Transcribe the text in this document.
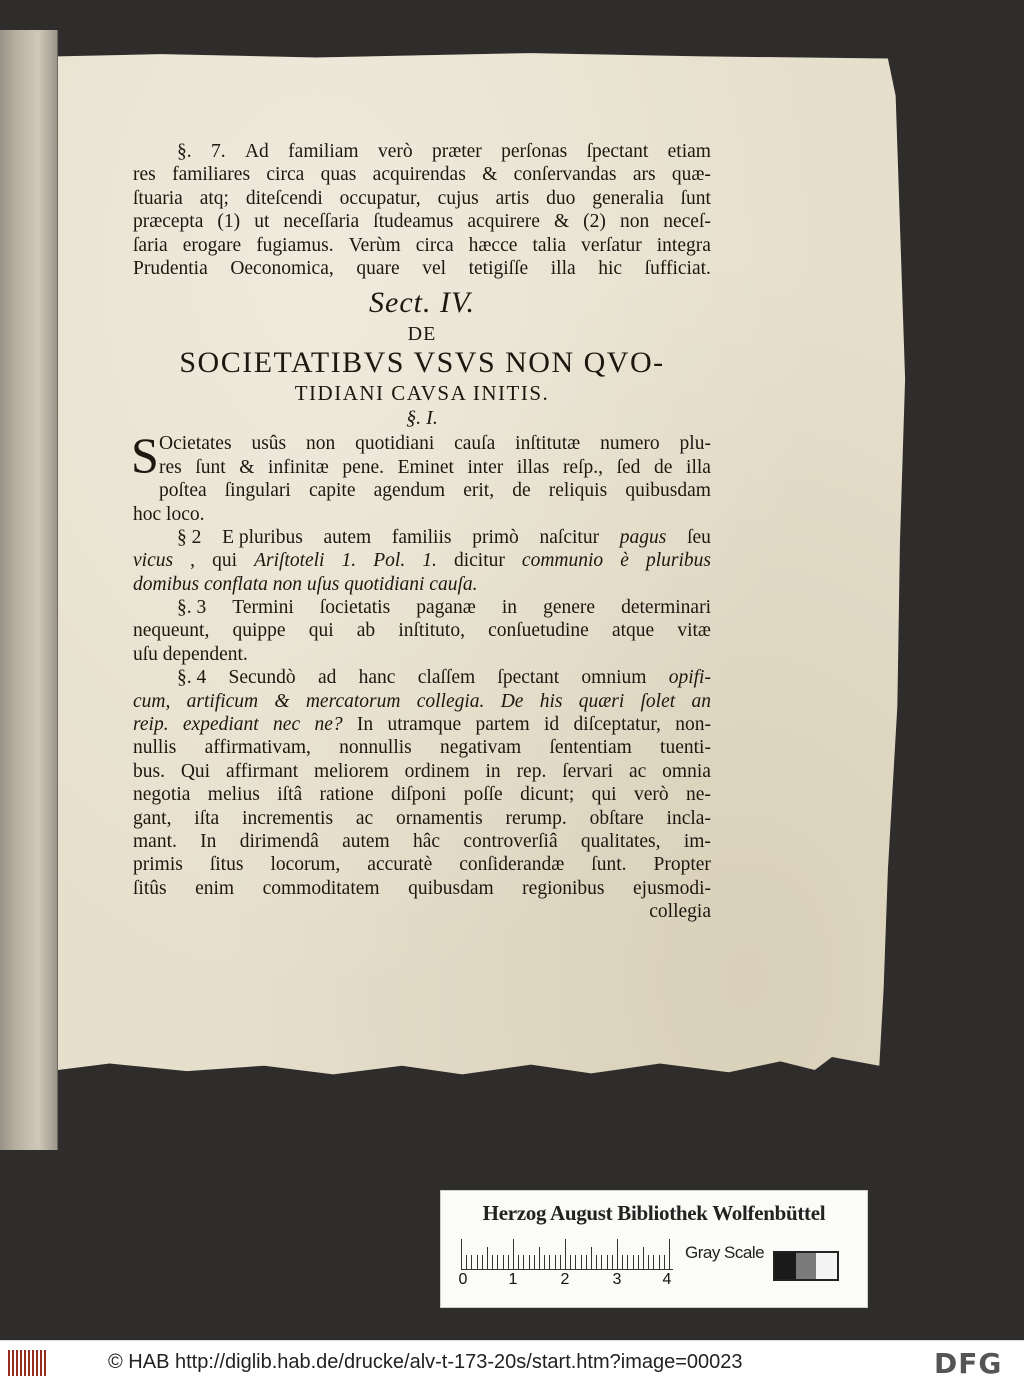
§. 7. Ad familiam verò præter perſonas ſpectant etiam
res familiares circa quas acquirendas & conſervandas ars quæ-
ſtuaria atq; diteſcendi occupatur, cujus artis duo generalia ſunt
præcepta (1) ut neceſſaria ſtudeamus acquirere & (2) non neceſ-
ſaria erogare fugiamus. Verùm circa hæcce talia verſatur integra
Prudentia Oeconomica, quare vel tetigiſſe illa hic ſufficiat.
Sect. IV.
DE
SOCIETATIBVS VSVS NON QVO-
TIDIANI CAVSA INITIS.
§. I.
S Ocietates usûs non quotidiani cauſa inſtitutæ numero plu-
res ſunt & infinitæ pene. Eminet inter illas reſp., ſed de illa
poſtea ſingulari capite agendum erit, de reliquis quibusdam
hoc loco.
§ 2 E pluribus autem familiis primò naſcitur pagus ſeu
vicus , qui Ariſtoteli 1. Pol. 1. dicitur communio è pluribus
domibus conflata non uſus quotidiani cauſa.
§. 3 Termini ſocietatis paganæ in genere determinari
nequeunt, quippe qui ab inſtituto, conſuetudine atque vitæ
uſu dependent.
§. 4 Secundò ad hanc claſſem ſpectant omnium opifi-
cum, artificum & mercatorum collegia. De his quæri ſolet an
reip. expediant nec ne? In utramque partem id diſceptatur, non-
nullis affirmativam, nonnullis negativam ſententiam tuenti-
bus. Qui affirmant meliorem ordinem in rep. ſervari ac omnia
negotia melius iſtâ ratione diſponi poſſe dicunt; qui verò ne-
gant, iſta incrementis ac ornamentis rerump. obſtare incla-
mant. In dirimendâ autem hâc controverſiâ qualitates, im-
primis ſitus locorum, accuratè conſiderandæ ſunt. Propter
ſitûs enim commoditatem quibusdam regionibus ejusmodi-
collegia
Herzog August Bibliothek Wolfenbüttel
0	1	2	3	4
Gray Scale
© HAB http://diglib.hab.de/drucke/alv-t-173-20s/start.htm?image=00023	DFG
